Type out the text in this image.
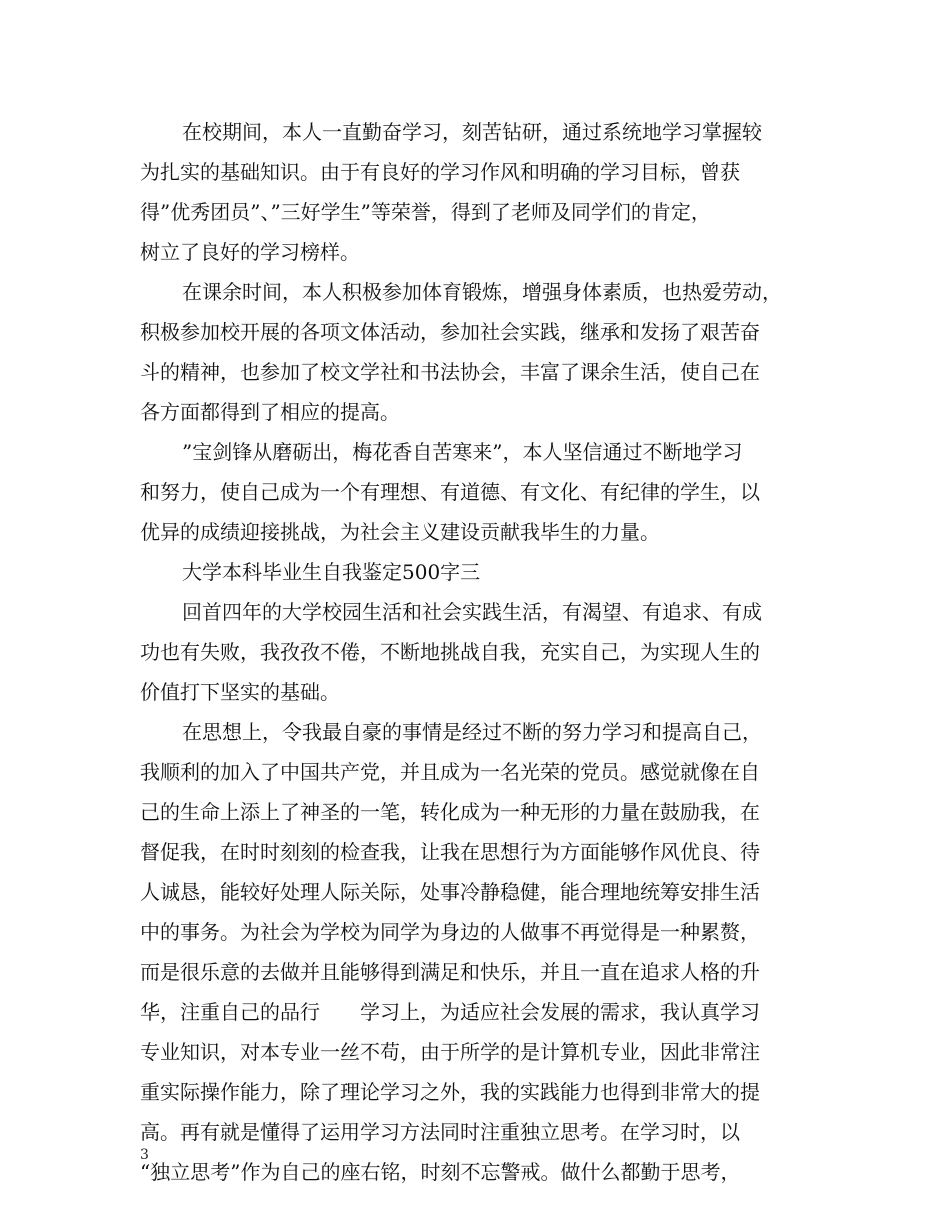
在校期间，本人一直勤奋学习，刻苦钻研，通过系统地学习掌握较
为扎实的基础知识。由于有良好的学习作风和明确的学习目标，曾获
得”优秀团员”、”三好学生”等荣誉，得到了老师及同学们的肯定，
树立了良好的学习榜样。
在课余时间，本人积极参加体育锻炼，增强身体素质，也热爱劳动，
积极参加校开展的各项文体活动，参加社会实践，继承和发扬了艰苦奋
斗的精神，也参加了校文学社和书法协会，丰富了课余生活，使自己在
各方面都得到了相应的提高。
”宝剑锋从磨砺出，梅花香自苦寒来”，本人坚信通过不断地学习
和努力，使自己成为一个有理想、有道德、有文化、有纪律的学生，以
优异的成绩迎接挑战，为社会主义建设贡献我毕生的力量。
大学本科毕业生自我鉴定500字三
回首四年的大学校园生活和社会实践生活，有渴望、有追求、有成
功也有失败，我孜孜不倦，不断地挑战自我，充实自己，为实现人生的
价值打下坚实的基础。
在思想上，令我最自豪的事情是经过不断的努力学习和提高自己，
我顺利的加入了中国共产党，并且成为一名光荣的党员。感觉就像在自
己的生命上添上了神圣的一笔，转化成为一种无形的力量在鼓励我，在
督促我，在时时刻刻的检查我，让我在思想行为方面能够作风优良、待
人诚恳，能较好处理人际关际，处事冷静稳健，能合理地统筹安排生活
中的事务。为社会为学校为同学为身边的人做事不再觉得是一种累赘，
而是很乐意的去做并且能够得到满足和快乐，并且一直在追求人格的升
华，注重自己的品行　　学习上，为适应社会发展的需求，我认真学习
专业知识，对本专业一丝不苟，由于所学的是计算机专业，因此非常注
重实际操作能力，除了理论学习之外，我的实践能力也得到非常大的提
高。再有就是懂得了运用学习方法同时注重独立思考。在学习时，以
“独立思考”作为自己的座右铭，时刻不忘警戒。做什么都勤于思考，
3
